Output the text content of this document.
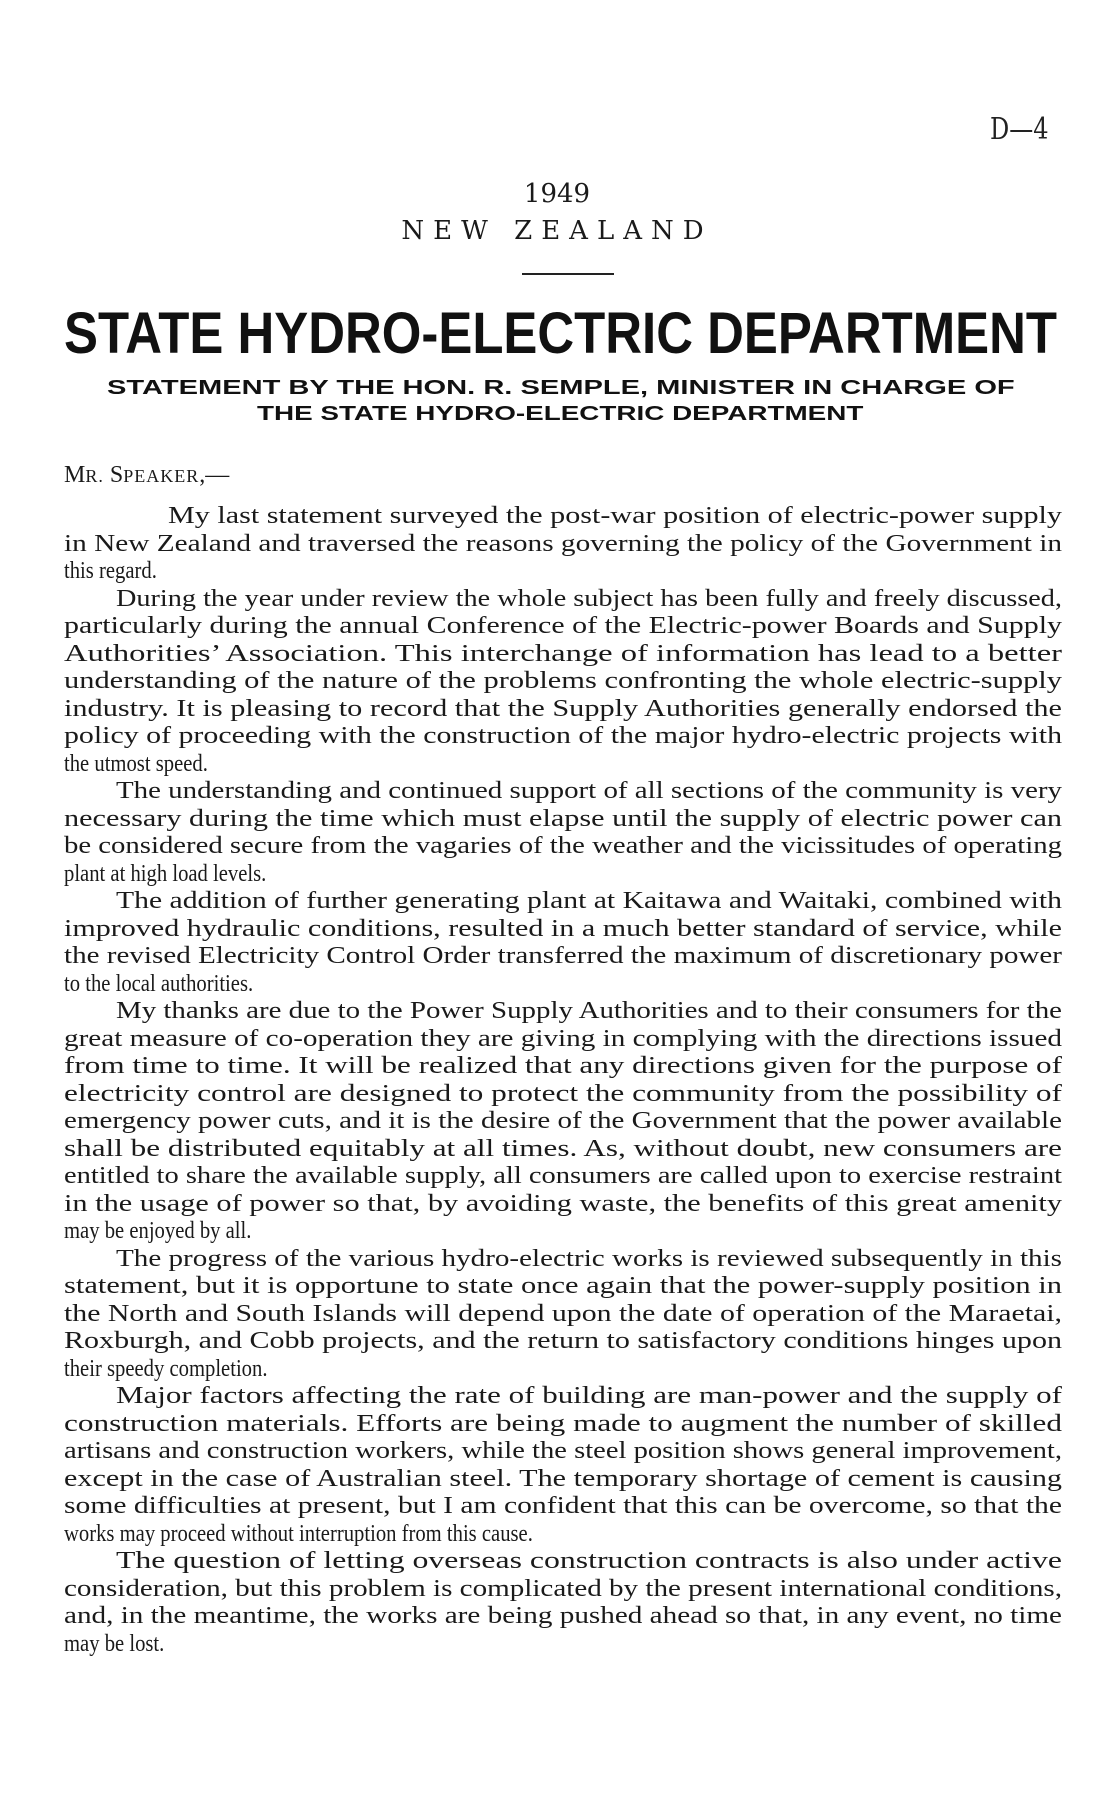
D—4
1949
NEW ZEALAND
STATE HYDRO-ELECTRIC DEPARTMENT
STATEMENT BY THE HON. R. SEMPLE, MINISTER IN CHARGE OF
THE STATE HYDRO-ELECTRIC DEPARTMENT
MR. SPEAKER,—
My last statement surveyed the post-war position of electric-power supply
in New Zealand and traversed the reasons governing the policy of the Government in
this regard.
During the year under review the whole subject has been fully and freely discussed,
particularly during the annual Conference of the Electric-power Boards and Supply
Authorities’ Association. This interchange of information has lead to a better
understanding of the nature of the problems confronting the whole electric-supply
industry. It is pleasing to record that the Supply Authorities generally endorsed the
policy of proceeding with the construction of the major hydro-electric projects with
the utmost speed.
The understanding and continued support of all sections of the community is very
necessary during the time which must elapse until the supply of electric power can
be considered secure from the vagaries of the weather and the vicissitudes of operating
plant at high load levels.
The addition of further generating plant at Kaitawa and Waitaki, combined with
improved hydraulic conditions, resulted in a much better standard of service, while
the revised Electricity Control Order transferred the maximum of discretionary power
to the local authorities.
My thanks are due to the Power Supply Authorities and to their consumers for the
great measure of co-operation they are giving in complying with the directions issued
from time to time. It will be realized that any directions given for the purpose of
electricity control are designed to protect the community from the possibility of
emergency power cuts, and it is the desire of the Government that the power available
shall be distributed equitably at all times. As, without doubt, new consumers are
entitled to share the available supply, all consumers are called upon to exercise restraint
in the usage of power so that, by avoiding waste, the benefits of this great amenity
may be enjoyed by all.
The progress of the various hydro-electric works is reviewed subsequently in this
statement, but it is opportune to state once again that the power-supply position in
the North and South Islands will depend upon the date of operation of the Maraetai,
Roxburgh, and Cobb projects, and the return to satisfactory conditions hinges upon
their speedy completion.
Major factors affecting the rate of building are man-power and the supply of
construction materials. Efforts are being made to augment the number of skilled
artisans and construction workers, while the steel position shows general improvement,
except in the case of Australian steel. The temporary shortage of cement is causing
some difficulties at present, but I am confident that this can be overcome, so that the
works may proceed without interruption from this cause.
The question of letting overseas construction contracts is also under active
consideration, but this problem is complicated by the present international conditions,
and, in the meantime, the works are being pushed ahead so that, in any event, no time
may be lost.
